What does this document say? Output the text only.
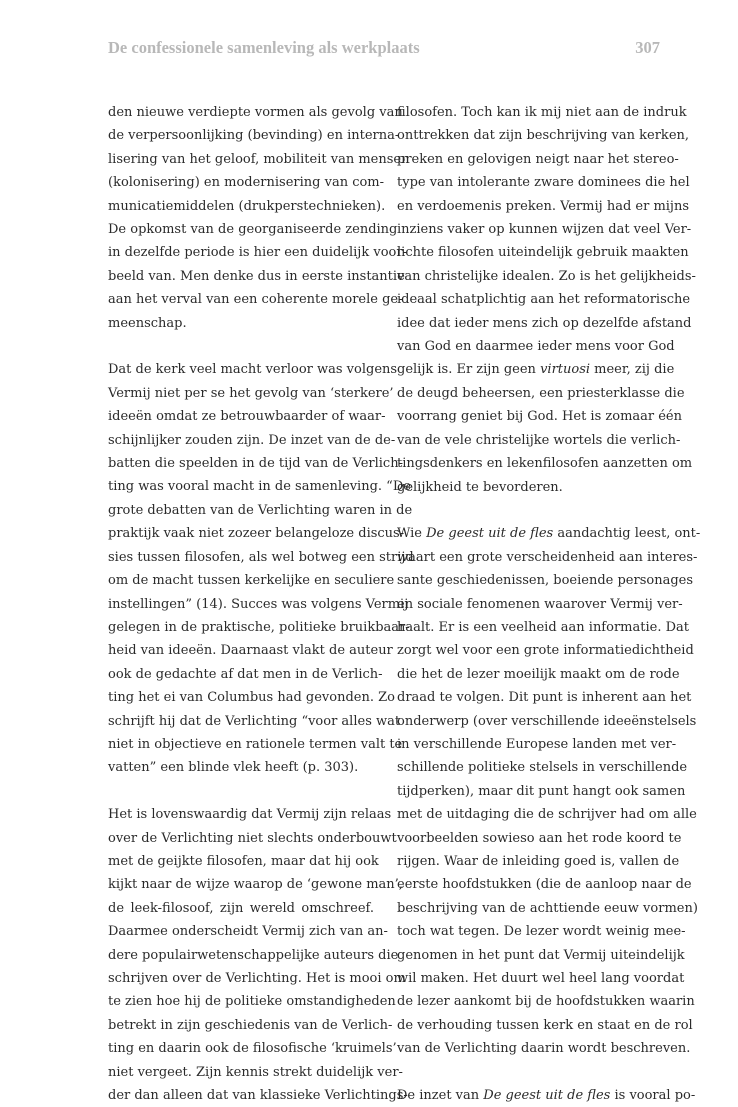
De confessionele samenleving als werkplaats	307

den nieuwe verdiepte vormen als gevolg van
de verpersoonlijking (bevinding) en interna-
lisering van het geloof, mobiliteit van mensen
(kolonisering) en modernisering van com-
municatiemiddelen (drukperstechnieken).
De opkomst van de georganiseerde zending
in dezelfde periode is hier een duidelijk voor-
beeld van. Men denke dus in eerste instantie
aan het verval van een coherente morele ge-
meenschap.

Dat de kerk veel macht verloor was volgens
Vermij niet per se het gevolg van ‘sterkere’
ideeën omdat ze betrouwbaarder of waar-
schijnlijker zouden zijn. De inzet van de de-
batten die speelden in de tijd van de Verlich-
ting was vooral macht in de samenleving. “De
grote debatten van de Verlichting waren in de
praktijk vaak niet zozeer belangeloze discus-
sies tussen filosofen, als wel botweg een strijd
om de macht tussen kerkelijke en seculiere
instellingen” (14). Succes was volgens Vermij
gelegen in de praktische, politieke bruikbaar-
heid van ideeën. Daarnaast vlakt de auteur
ook de gedachte af dat men in de Verlich-
ting het ei van Columbus had gevonden. Zo
schrijft hij dat de Verlichting “voor alles wat
niet in objectieve en rationele termen valt te
vatten” een blinde vlek heeft (p. 303).

Het is lovenswaardig dat Vermij zijn relaas
over de Verlichting niet slechts onderbouwt
met de geijkte filosofen, maar dat hij ook
kijkt naar de wijze waarop de ‘gewone man’,
de leek-filosoof, zijn wereld omschreef.
Daarmee onderscheidt Vermij zich van an-
dere populairwetenschappelijke auteurs die
schrijven over de Verlichting. Het is mooi om
te zien hoe hij de politieke omstandigheden
betrekt in zijn geschiedenis van de Verlich-
ting en daarin ook de filosofische ‘kruimels’
niet vergeet. Zijn kennis strekt duidelijk ver-
der dan alleen dat van klassieke Verlichtings-

filosofen. Toch kan ik mij niet aan de indruk
onttrekken dat zijn beschrijving van kerken,
preken en gelovigen neigt naar het stereo-
type van intolerante zware dominees die hel
en verdoemenis preken. Vermij had er mijns
inziens vaker op kunnen wijzen dat veel Ver-
lichte filosofen uiteindelijk gebruik maakten
van christelijke idealen. Zo is het gelijkheids-
ideaal schatplichtig aan het reformatorische
idee dat ieder mens zich op dezelfde afstand
van God en daarmee ieder mens voor God
gelijk is. Er zijn geen virtuosi meer, zij die
de deugd beheersen, een priesterklasse die
voorrang geniet bij God. Het is zomaar één
van de vele christelijke wortels die verlich-
tingsdenkers en lekenfilosofen aanzetten om
gelijkheid te bevorderen.

Wie De geest uit de fles aandachtig leest, ont-
waart een grote verscheidenheid aan interes-
sante geschiedenissen, boeiende personages
en sociale fenomenen waarover Vermij ver-
haalt. Er is een veelheid aan informatie. Dat
zorgt wel voor een grote informatiedichtheid
die het de lezer moeilijk maakt om de rode
draad te volgen. Dit punt is inherent aan het
onderwerp (over verschillende ideeënstelsels
in verschillende Europese landen met ver-
schillende politieke stelsels in verschillende
tijdperken), maar dit punt hangt ook samen
met de uitdaging die de schrijver had om alle
voorbeelden sowieso aan het rode koord te
rijgen. Waar de inleiding goed is, vallen de
eerste hoofdstukken (die de aanloop naar de
beschrijving van de achttiende eeuw vormen)
toch wat tegen. De lezer wordt weinig mee-
genomen in het punt dat Vermij uiteindelijk
wil maken. Het duurt wel heel lang voordat
de lezer aankomt bij de hoofdstukken waarin
de verhouding tussen kerk en staat en de rol
van de Verlichting daarin wordt beschreven.

De inzet van De geest uit de fles is vooral po-
